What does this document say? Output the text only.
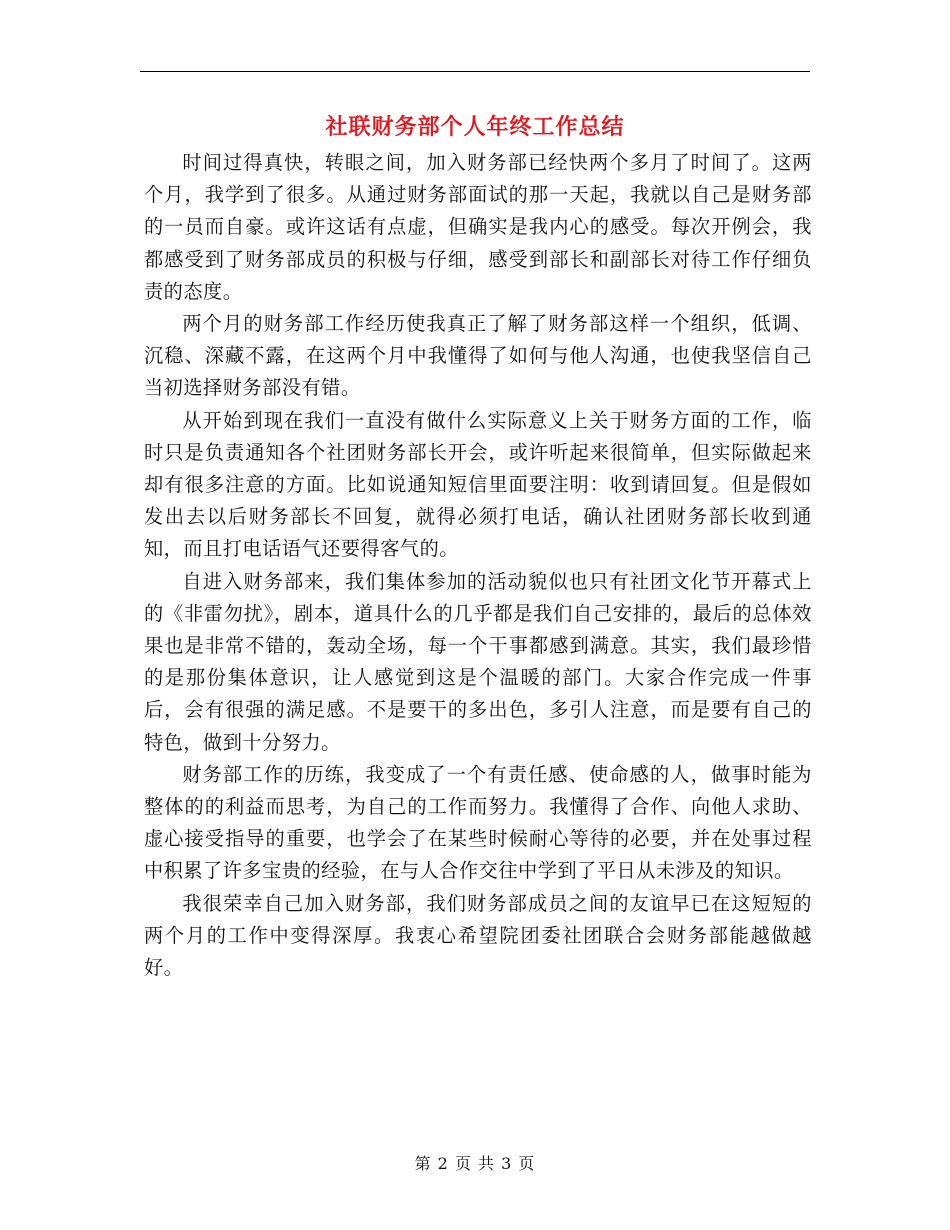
社联财务部个人年终工作总结

时间过得真快，转眼之间，加入财务部已经快两个多月了时间了。这两个月，我学到了很多。从通过财务部面试的那一天起，我就以自己是财务部的一员而自豪。或许这话有点虚，但确实是我内心的感受。每次开例会，我都感受到了财务部成员的积极与仔细，感受到部长和副部长对待工作仔细负责的态度。

两个月的财务部工作经历使我真正了解了财务部这样一个组织，低调、沉稳、深藏不露，在这两个月中我懂得了如何与他人沟通，也使我坚信自己当初选择财务部没有错。

从开始到现在我们一直没有做什么实际意义上关于财务方面的工作，临时只是负责通知各个社团财务部长开会，或许听起来很简单，但实际做起来却有很多注意的方面。比如说通知短信里面要注明：收到请回复。但是假如发出去以后财务部长不回复，就得必须打电话，确认社团财务部长收到通知，而且打电话语气还要得客气的。

自进入财务部来，我们集体参加的活动貌似也只有社团文化节开幕式上的《非雷勿扰》，剧本，道具什么的几乎都是我们自己安排的，最后的总体效果也是非常不错的，轰动全场，每一个干事都感到满意。其实，我们最珍惜的是那份集体意识，让人感觉到这是个温暖的部门。大家合作完成一件事后，会有很强的满足感。不是要干的多出色，多引人注意，而是要有自己的特色，做到十分努力。

财务部工作的历练，我变成了一个有责任感、使命感的人，做事时能为整体的的利益而思考，为自己的工作而努力。我懂得了合作、向他人求助、虚心接受指导的重要，也学会了在某些时候耐心等待的必要，并在处事过程中积累了许多宝贵的经验，在与人合作交往中学到了平日从未涉及的知识。

我很荣幸自己加入财务部，我们财务部成员之间的友谊早已在这短短的两个月的工作中变得深厚。我衷心希望院团委社团联合会财务部能越做越好。

第 2 页 共 3 页
